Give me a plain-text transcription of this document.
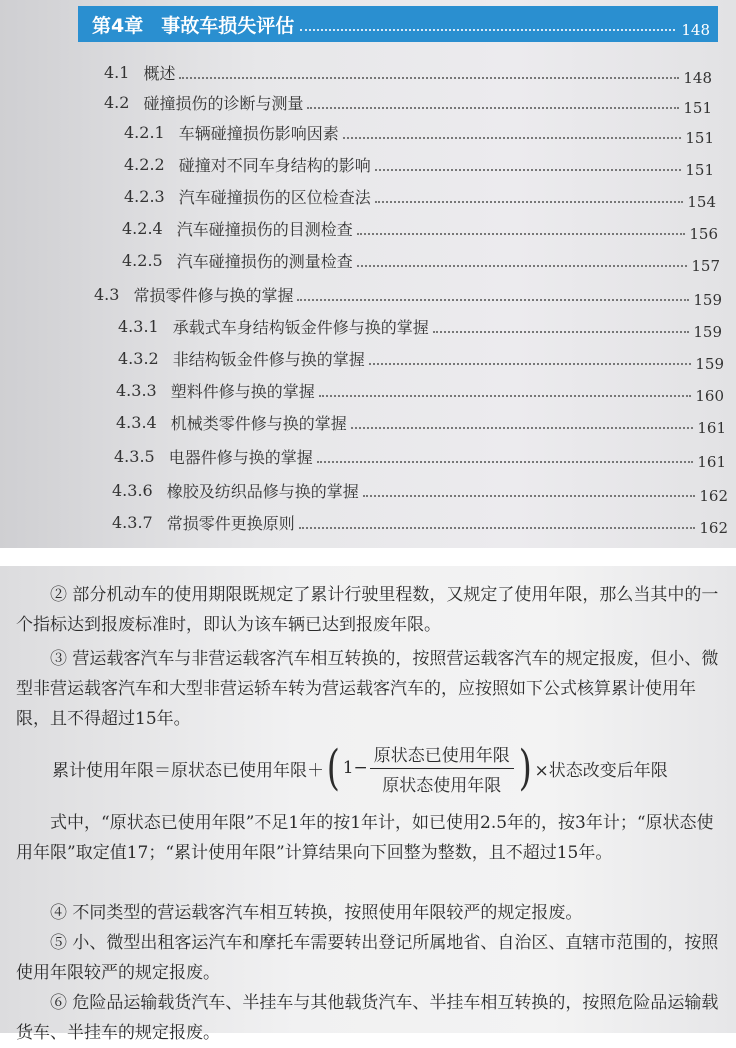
第4章 事故车损失评估	148
4.1 概述	148
4.2 碰撞损伤的诊断与测量	151
4.2.1 车辆碰撞损伤影响因素	151
4.2.2 碰撞对不同车身结构的影响	151
4.2.3 汽车碰撞损伤的区位检查法	154
4.2.4 汽车碰撞损伤的目测检查	156
4.2.5 汽车碰撞损伤的测量检查	157
4.3 常损零件修与换的掌握	159
4.3.1 承载式车身结构钣金件修与换的掌握	159
4.3.2 非结构钣金件修与换的掌握	159
4.3.3 塑料件修与换的掌握	160
4.3.4 机械类零件修与换的掌握	161
4.3.5 电器件修与换的掌握	161
4.3.6 橡胶及纺织品修与换的掌握	162
4.3.7 常损零件更换原则	162

② 部分机动车的使用期限既规定了累计行驶里程数，又规定了使用年限，那么当其中的一个指标达到报废标准时，即认为该车辆已达到报废年限。

③ 营运载客汽车与非营运载客汽车相互转换的，按照营运载客汽车的规定报废，但小、微型非营运载客汽车和大型非营运轿车转为营运载客汽车的，应按照如下公式核算累计使用年限，且不得超过15年。

累计使用年限＝原状态已使用年限＋ ( $1- \frac{\text{原状态已使用年限}}{\text{原状态使用年限}}$ ) ×状态改变后年限

式中，“原状态已使用年限”不足1年的按1年计，如已使用2.5年的，按3年计；“原状态使用年限”取定值17；“累计使用年限”计算结果向下回整为整数，且不超过15年。

④ 不同类型的营运载客汽车相互转换，按照使用年限较严的规定报废。

⑤ 小、微型出租客运汽车和摩托车需要转出登记所属地省、自治区、直辖市范围的，按照使用年限较严的规定报废。

⑥ 危险品运输载货汽车、半挂车与其他载货汽车、半挂车相互转换的，按照危险品运输载货车、半挂车的规定报废。
